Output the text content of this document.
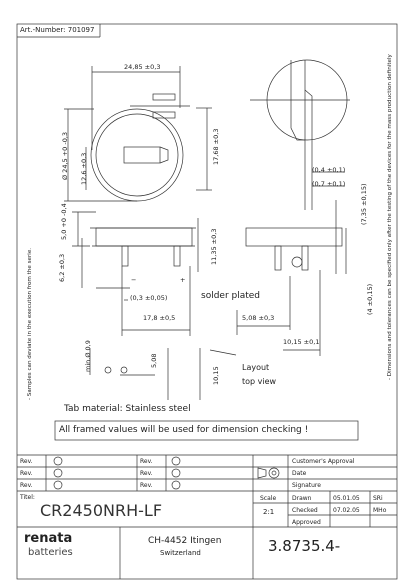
Art.-Number: 701097
- Samples can deviate in the execution from the serie.	- Dimensions and tolerances can be specified only after the testing of the devices for the mass production definitely
24,85 ±0,3
Ø 24,5 +0 -0,3 12,6 ±0,3
17,68 ±0,3
(0,4 ±0,1)
(0,7 ±0,1)
5,0 +0 -0,4	(7,35 ±0,15)
6,2 ±0,3
11,35 ±0,3
(4 ±0,15)
(0,3 ±0,05)
17,8 ±0,5	5,08 ±0,3
10,15 ±0,1
min.Ø 0,9	5,08
10,15
−	+
solder plated
Layout
top view
Tab material: Stainless steel
All framed values will be used for dimension checking !
Rev.
Rev.
Rev.
Rev.
Rev.
Rev.
Customer's Approval
Date
Signature
Titel:	Scale
2:1
Drawn	05.01.05 SRi
Checked	07.02.05 MHo
Approved
CR2450NRH-LF
renata
batteries
CH-4452 Itingen
Switzerland	3.8735.4-
